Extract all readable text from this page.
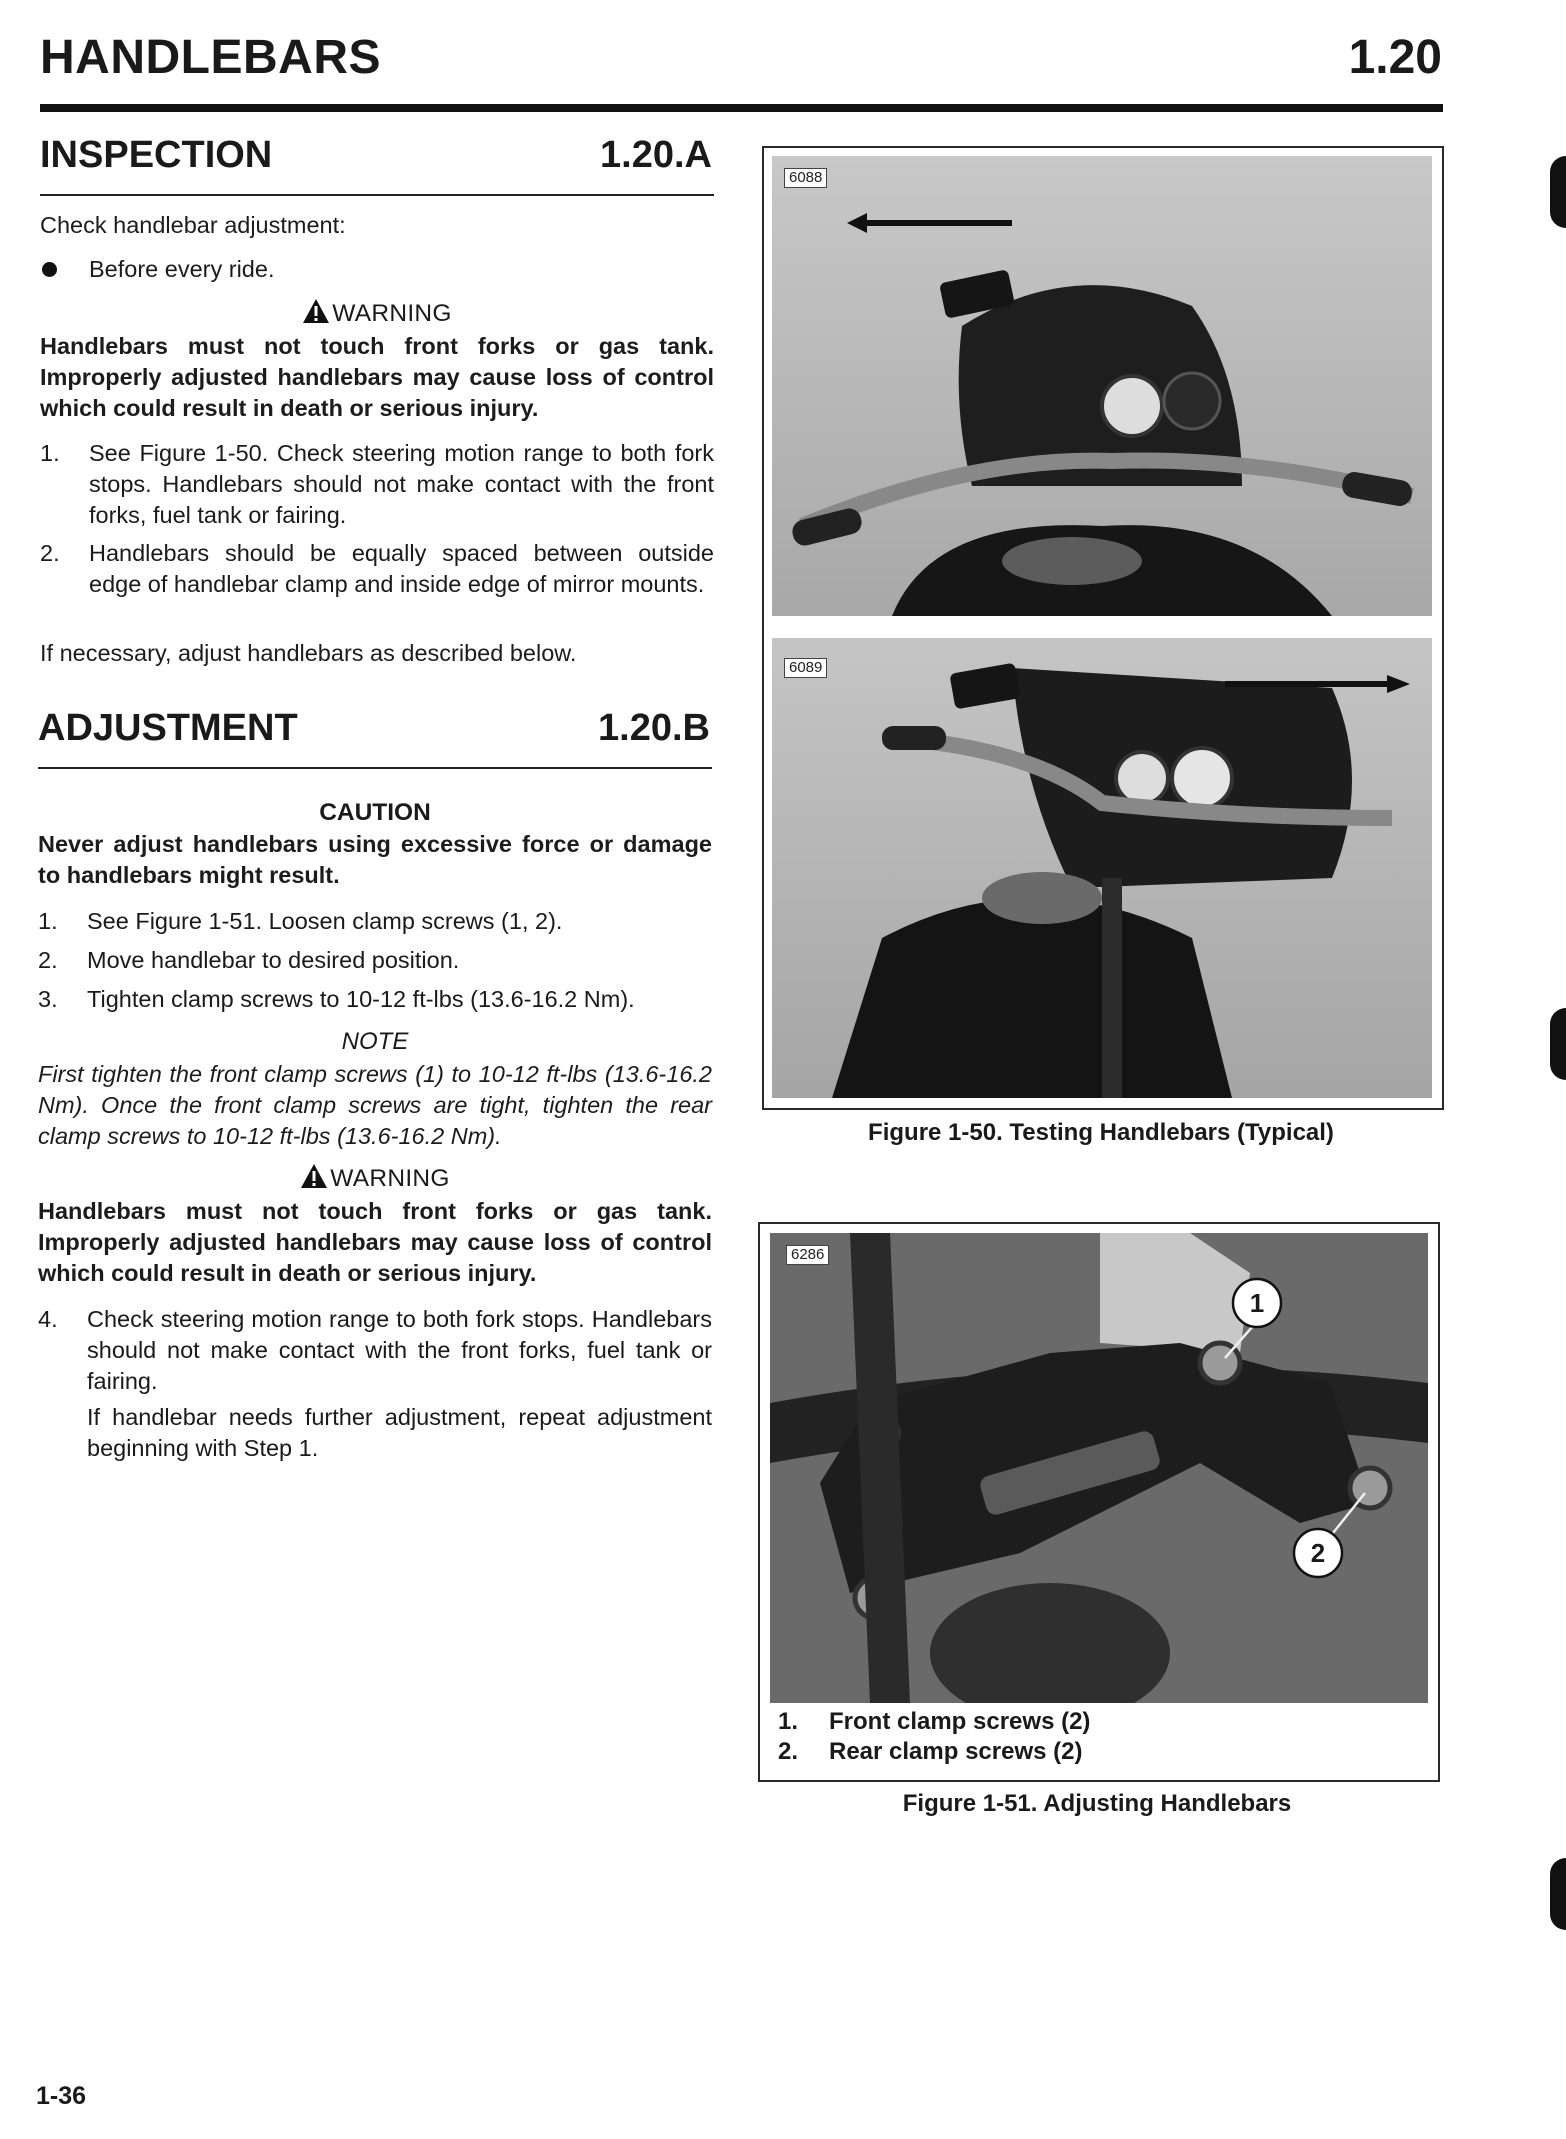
HANDLEBARS	1.20
INSPECTION	1.20.A
Check handlebar adjustment:
Before every ride.
WARNING
Handlebars must not touch front forks or gas tank. Improperly adjusted handlebars may cause loss of control which could result in death or serious injury.
1. See Figure 1-50. Check steering motion range to both fork stops. Handlebars should not make contact with the front forks, fuel tank or fairing.
2. Handlebars should be equally spaced between outside edge of handlebar clamp and inside edge of mirror mounts.
If necessary, adjust handlebars as described below.
ADJUSTMENT	1.20.B
CAUTION
Never adjust handlebars using excessive force or damage to handlebars might result.
1. See Figure 1-51. Loosen clamp screws (1, 2).
2. Move handlebar to desired position.
3. Tighten clamp screws to 10-12 ft-lbs (13.6-16.2 Nm).
NOTE
First tighten the front clamp screws (1) to 10-12 ft-lbs (13.6-16.2 Nm). Once the front clamp screws are tight, tighten the rear clamp screws to 10-12 ft-lbs (13.6-16.2 Nm).
WARNING
Handlebars must not touch front forks or gas tank. Improperly adjusted handlebars may cause loss of control which could result in death or serious injury.
4. Check steering motion range to both fork stops. Handlebars should not make contact with the front forks, fuel tank or fairing.
If handlebar needs further adjustment, repeat adjustment beginning with Step 1.
6088
6089
Figure 1-50. Testing Handlebars (Typical)
1
2
6286
1. Front clamp screws (2)
2. Rear clamp screws (2)
Figure 1-51. Adjusting Handlebars
1-36
